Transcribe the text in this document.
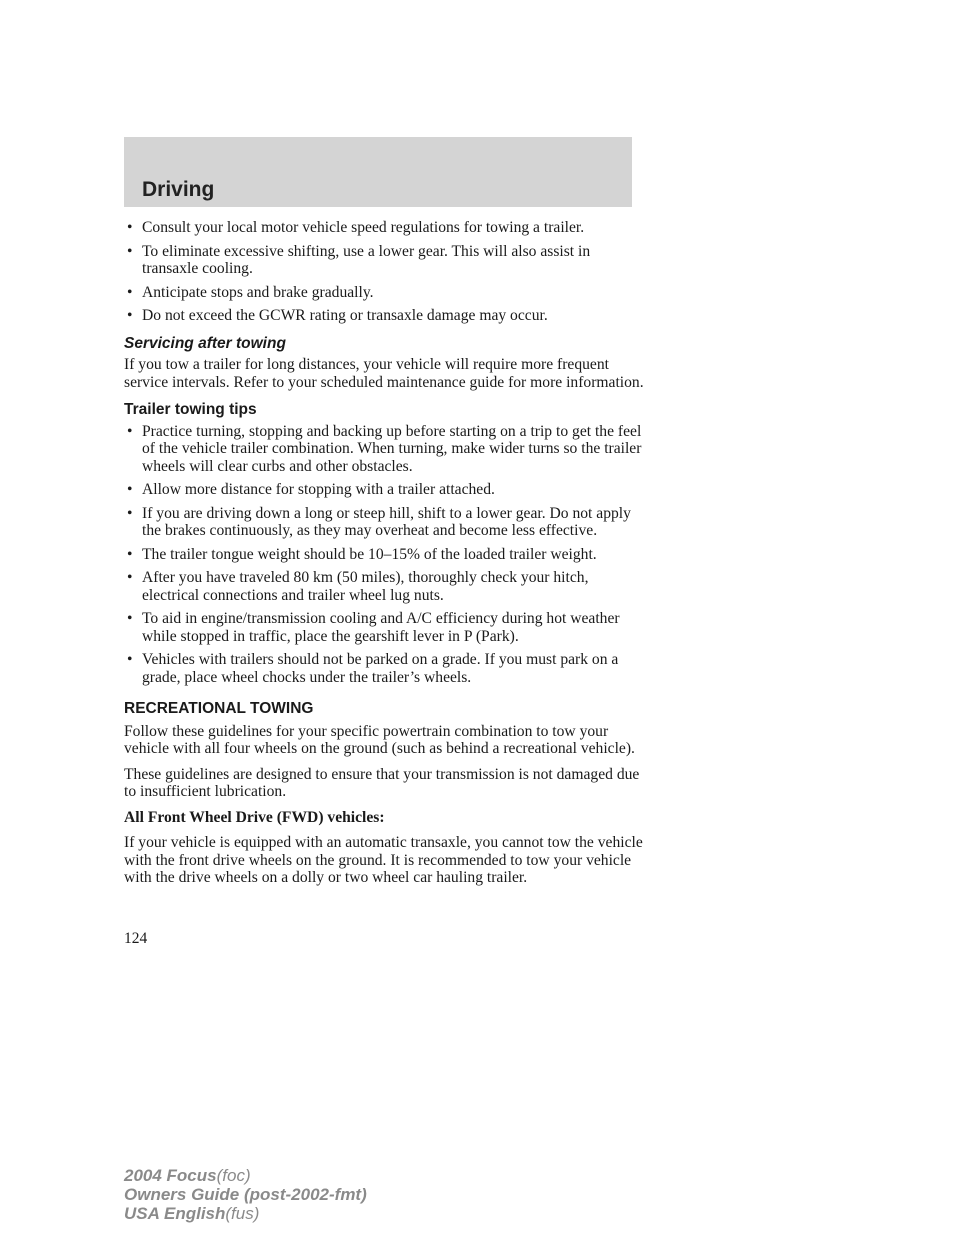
Driving
• Consult your local motor vehicle speed regulations for towing a trailer.
• To eliminate excessive shifting, use a lower gear. This will also assist in transaxle cooling.
• Anticipate stops and brake gradually.
• Do not exceed the GCWR rating or transaxle damage may occur.
Servicing after towing

If you tow a trailer for long distances, your vehicle will require more frequent service intervals. Refer to your scheduled maintenance guide for more information.

Trailer towing tips
• Practice turning, stopping and backing up before starting on a trip to get the feel of the vehicle trailer combination. When turning, make wider turns so the trailer wheels will clear curbs and other obstacles.
• Allow more distance for stopping with a trailer attached.
• If you are driving down a long or steep hill, shift to a lower gear. Do not apply the brakes continuously, as they may overheat and become less effective.
• The trailer tongue weight should be 10–15% of the loaded trailer weight.
• After you have traveled 80 km (50 miles), thoroughly check your hitch, electrical connections and trailer wheel lug nuts.
• To aid in engine/transmission cooling and A/C efficiency during hot weather while stopped in traffic, place the gearshift lever in P (Park).
• Vehicles with trailers should not be parked on a grade. If you must park on a grade, place wheel chocks under the trailer’s wheels.
RECREATIONAL TOWING

Follow these guidelines for your specific powertrain combination to tow your vehicle with all four wheels on the ground (such as behind a recreational vehicle).

These guidelines are designed to ensure that your transmission is not damaged due to insufficient lubrication.

All Front Wheel Drive (FWD) vehicles:

If your vehicle is equipped with an automatic transaxle, you cannot tow the vehicle with the front drive wheels on the ground. It is recommended to tow your vehicle with the drive wheels on a dolly or two wheel car hauling trailer.

124
2004 Focus(foc)
Owners Guide (post-2002-fmt)
USA English(fus)
